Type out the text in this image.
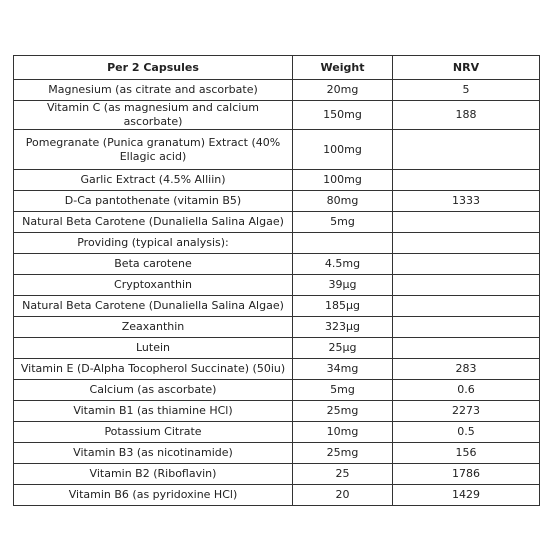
Per 2 Capsules	Weight	NRV
Magnesium (as citrate and ascorbate)	20mg	5
Vitamin C (as magnesium and calcium ascorbate)	150mg	188
Pomegranate (Punica granatum) Extract (40% Ellagic acid)	100mg	
Garlic Extract (4.5% Alliin)	100mg	
D-Ca pantothenate (vitamin B5)	80mg	1333
Natural Beta Carotene (Dunaliella Salina Algae)	5mg	
Providing (typical analysis):		
Beta carotene	4.5mg	
Cryptoxanthin	39µg	
Natural Beta Carotene (Dunaliella Salina Algae)	185µg	
Zeaxanthin	323µg	
Lutein	25µg	
Vitamin E (D-Alpha Tocopherol Succinate) (50iu)	34mg	283
Calcium (as ascorbate)	5mg	0.6
Vitamin B1 (as thiamine HCl)	25mg	2273
Potassium Citrate	10mg	0.5
Vitamin B3 (as nicotinamide)	25mg	156
Vitamin B2 (Riboflavin)	25	1786
Vitamin B6 (as pyridoxine HCl)	20	1429
